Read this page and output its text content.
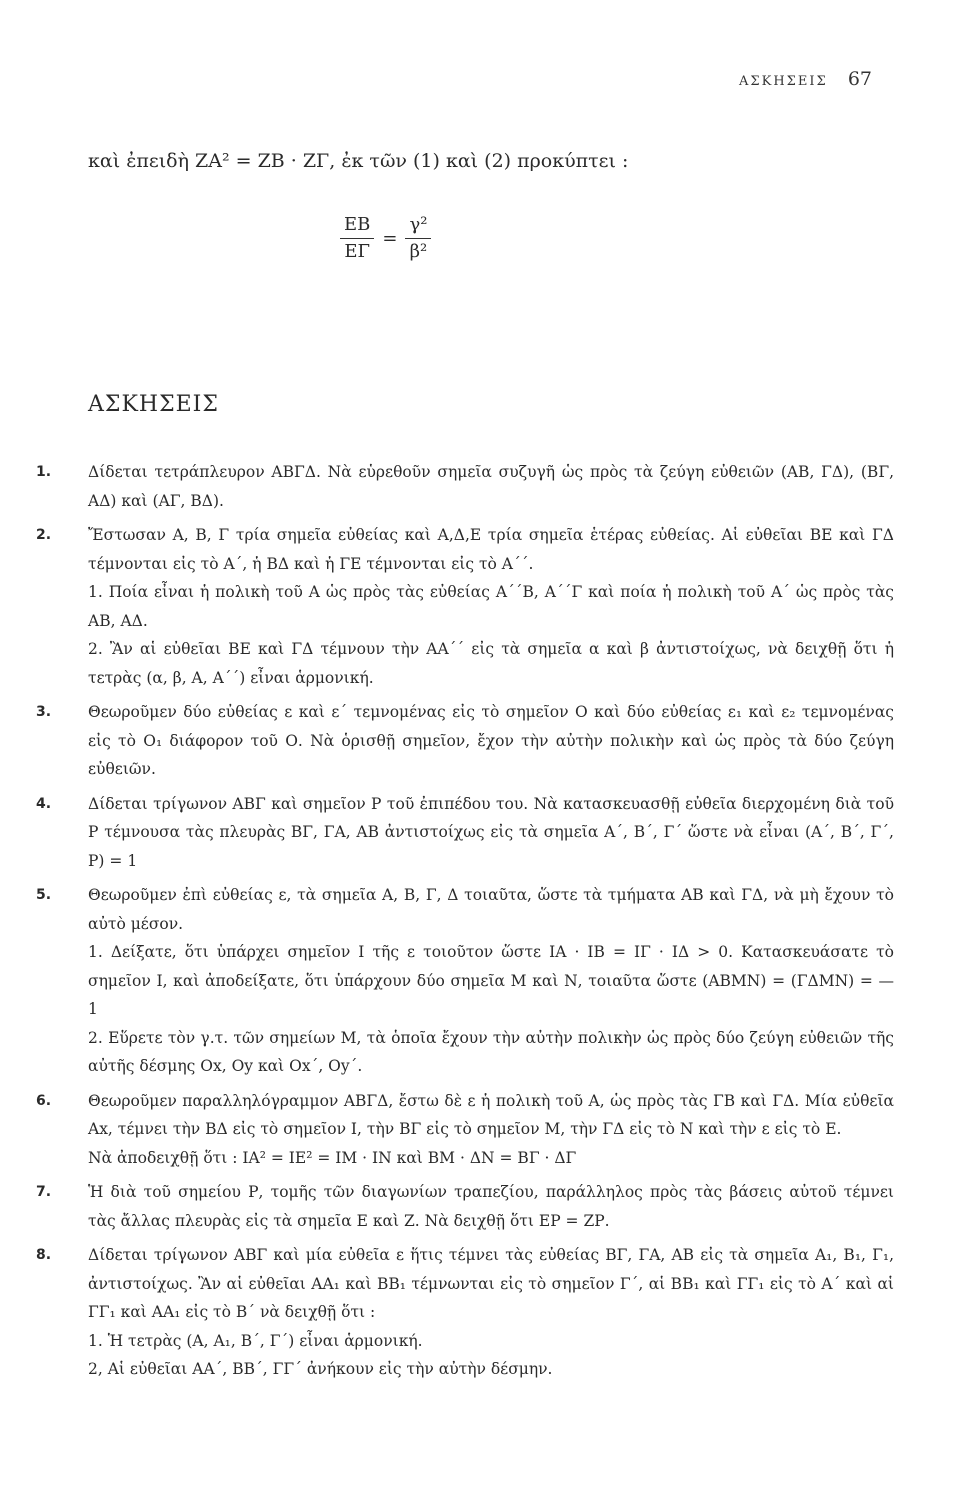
ΑΣΚΗΣΕΙΣ 67
καὶ ἐπειδὴ ΖΑ² = ΖΒ · ΖΓ, ἐκ τῶν (1) καὶ (2) προκύπτει :
$\frac{EB}{E\Gamma} = \frac{\text{γ²}}{\text{β²}}$
ΑΣΚΗΣΕΙΣ
1. Δίδεται τετράπλευρον ΑΒΓΔ. Νὰ εὑρεθοῦν σημεῖα συζυγῆ ὡς πρὸς τὰ ζεύγη εὐθειῶν (ΑΒ, ΓΔ), (ΒΓ, ΑΔ) καὶ (ΑΓ, ΒΔ).

2. Ἔστωσαν Α, Β, Γ τρία σημεῖα εὐθείας καὶ Α,Δ,Ε τρία σημεῖα ἑτέρας εὐθείας. Αἱ εὐθεῖαι ΒΕ καὶ ΓΔ τέμνονται εἰς τὸ Α΄, ἡ ΒΔ καὶ ἡ ΓΕ τέμνονται εἰς τὸ Α΄΄.

1. Ποία εἶναι ἡ πολικὴ τοῦ Α ὡς πρὸς τὰς εὐθείας Α΄΄Β, Α΄΄Γ καὶ ποία ἡ πολικὴ τοῦ Α΄ ὡς πρὸς τὰς ΑΒ, ΑΔ.

2. Ἂν αἱ εὐθεῖαι ΒΕ καὶ ΓΔ τέμνουν τὴν ΑΑ΄΄ εἰς τὰ σημεῖα α καὶ β ἀντιστοίχως, νὰ δειχθῇ ὅτι ἡ τετρὰς (α, β, Α, Α΄΄) εἶναι ἁρμονική.

3. Θεωροῦμεν δύο εὐθείας ε καὶ ε΄ τεμνομένας εἰς τὸ σημεῖον Ο καὶ δύο εὐθείας ε₁ καὶ ε₂ τεμνομένας εἰς τὸ Ο₁ διάφορον τοῦ Ο. Νὰ ὁρισθῇ σημεῖον, ἔχον τὴν αὐτὴν πολικὴν καὶ ὡς πρὸς τὰ δύο ζεύγη εὐθειῶν.

4. Δίδεται τρίγωνον ΑΒΓ καὶ σημεῖον Ρ τοῦ ἐπιπέδου του. Νὰ κατασκευασθῇ εὐθεῖα διερχομένη διὰ τοῦ Ρ τέμνουσα τὰς πλευρὰς ΒΓ, ΓΑ, ΑΒ ἀντιστοίχως εἰς τὰ σημεῖα Α΄, Β΄, Γ΄ ὥστε νὰ εἶναι (Α΄, Β΄, Γ΄, Ρ) = 1

5. Θεωροῦμεν ἐπὶ εὐθείας ε, τὰ σημεῖα Α, Β, Γ, Δ τοιαῦτα, ὥστε τὰ τμήματα ΑΒ καὶ ΓΔ, νὰ μὴ ἔχουν τὸ αὐτὸ μέσον.

1. Δείξατε, ὅτι ὑπάρχει σημεῖον Ι τῆς ε τοιοῦτον ὥστε ΙΑ · ΙΒ = ΙΓ · ΙΔ > 0. Κατασκευάσατε τὸ σημεῖον Ι, καὶ ἀποδείξατε, ὅτι ὑπάρχουν δύο σημεῖα Μ καὶ Ν, τοιαῦτα ὥστε (ΑΒΜΝ) = (ΓΔΜΝ) = — 1

2. Εὕρετε τὸν γ.τ. τῶν σημείων Μ, τὰ ὁποῖα ἔχουν τὴν αὐτὴν πολικὴν ὡς πρὸς δύο ζεύγη εὐθειῶν τῆς αὐτῆς δέσμης Οx, Οy καὶ Οx΄, Οy΄.

6. Θεωροῦμεν παραλληλόγραμμον ΑΒΓΔ, ἔστω δὲ ε ἡ πολικὴ τοῦ Α, ὡς πρὸς τὰς ΓΒ καὶ ΓΔ. Μία εὐθεῖα Αx, τέμνει τὴν ΒΔ εἰς τὸ σημεῖον Ι, τὴν ΒΓ εἰς τὸ σημεῖον Μ, τὴν ΓΔ εἰς τὸ Ν καὶ τὴν ε εἰς τὸ Ε.

Νὰ ἀποδειχθῇ ὅτι : ΙΑ² = ΙΕ² = ΙΜ · ΙΝ καὶ ΒΜ · ΔΝ = ΒΓ · ΔΓ

7. Ἡ διὰ τοῦ σημείου Ρ, τομῆς τῶν διαγωνίων τραπεζίου, παράλληλος πρὸς τὰς βάσεις αὐτοῦ τέμνει τὰς ἄλλας πλευρὰς εἰς τὰ σημεῖα Ε καὶ Ζ. Νὰ δειχθῇ ὅτι ΕΡ = ΖΡ.

8. Δίδεται τρίγωνον ΑΒΓ καὶ μία εὐθεῖα ε ἥτις τέμνει τὰς εὐθείας ΒΓ, ΓΑ, ΑΒ εἰς τὰ σημεῖα Α₁, Β₁, Γ₁, ἀντιστοίχως. Ἂν αἱ εὐθεῖαι ΑΑ₁ καὶ ΒΒ₁ τέμνωνται εἰς τὸ σημεῖον Γ΄, αἱ ΒΒ₁ καὶ ΓΓ₁ εἰς τὸ Α΄ καὶ αἱ ΓΓ₁ καὶ ΑΑ₁ εἰς τὸ Β΄ νὰ δειχθῇ ὅτι :

1. Ἡ τετρὰς (Α, Α₁, Β΄, Γ΄) εἶναι ἁρμονική.

2, Αἱ εὐθεῖαι ΑΑ΄, ΒΒ΄, ΓΓ΄ ἀνήκουν εἰς τὴν αὐτὴν δέσμην.
